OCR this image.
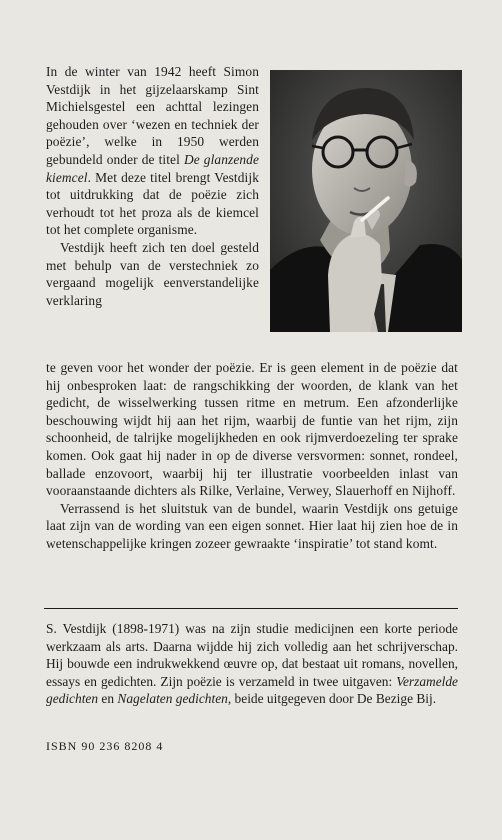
In de winter van 1942 heeft Simon Vestdijk in het gijzelaarskamp Sint Michielsgestel een achttal lezingen gehouden over ‘wezen en techniek der poëzie’, welke in 1950 werden gebundeld onder de titel De glanzende kiemcel. Met deze titel brengt Vestdijk tot uitdrukking dat de poëzie zich verhoudt tot het proza als de kiemcel tot het complete organisme.

Vestdijk heeft zich ten doel gesteld met behulp van de verstechniek zo vergaand mogelijk eenverstandelijke verklaring

te geven voor het wonder der poëzie. Er is geen element in de poëzie dat hij onbesproken laat: de rangschikking der woorden, de klank van het gedicht, de wisselwerking tussen ritme en metrum. Een afzonderlijke beschouwing wijdt hij aan het rijm, waarbij de funtie van het rijm, zijn schoonheid, de talrijke mogelijkheden en ook rijmverdoezeling ter sprake komen. Ook gaat hij nader in op de diverse versvormen: sonnet, rondeel, ballade enzovoort, waarbij hij ter illustratie voorbeelden inlast van vooraanstaande dichters als Rilke, Verlaine, Verwey, Slauerhoff en Nijhoff.

Verrassend is het sluitstuk van de bundel, waarin Vestdijk ons getuige laat zijn van de wording van een eigen sonnet. Hier laat hij zien hoe de in wetenschappelijke kringen zozeer gewraakte ‘inspiratie’ tot stand komt.

S. Vestdijk (1898-1971) was na zijn studie medicijnen een korte periode werkzaam als arts. Daarna wijdde hij zich volledig aan het schrijverschap. Hij bouwde een indrukwekkend œuvre op, dat bestaat uit romans, novellen, essays en gedichten. Zijn poëzie is verzameld in twee uitgaven: Verzamelde gedichten en Nagelaten gedichten, beide uitgegeven door De Bezige Bij.
ISBN 90 236 8208 4
